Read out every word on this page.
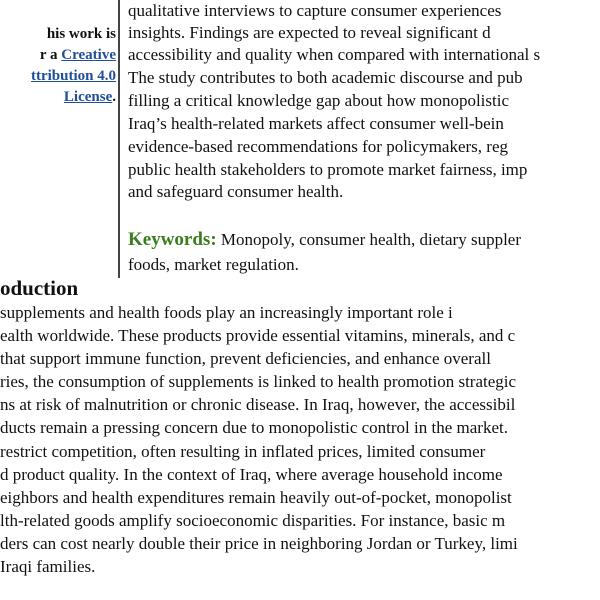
his work is
r a Creative
ttribution 4.0
License.
qualitative interviews to capture consumer experiences
insights. Findings are expected to reveal significant d
accessibility and quality when compared with international s
The study contributes to both academic discourse and pub
filling a critical knowledge gap about how monopolistic
Iraq’s health-related markets affect consumer well-bein
evidence-based recommendations for policymakers, reg
public health stakeholders to promote market fairness, imp
and safeguard consumer health.
Keywords: Monopoly, consumer health, dietary suppler
foods, market regulation.
oduction
supplements and health foods play an increasingly important role i
ealth worldwide. These products provide essential vitamins, minerals, and c
that support immune function, prevent deficiencies, and enhance overall
ries, the consumption of supplements is linked to health promotion strategic
ns at risk of malnutrition or chronic disease. In Iraq, however, the accessibil
ducts remain a pressing concern due to monopolistic control in the market.
restrict competition, often resulting in inflated prices, limited consumer
d product quality. In the context of Iraq, where average household income
eighbors and health expenditures remain heavily out-of-pocket, monopolist
lth-related goods amplify socioeconomic disparities. For instance, basic m
ders can cost nearly double their price in neighboring Jordan or Turkey, limi
Iraqi families.
